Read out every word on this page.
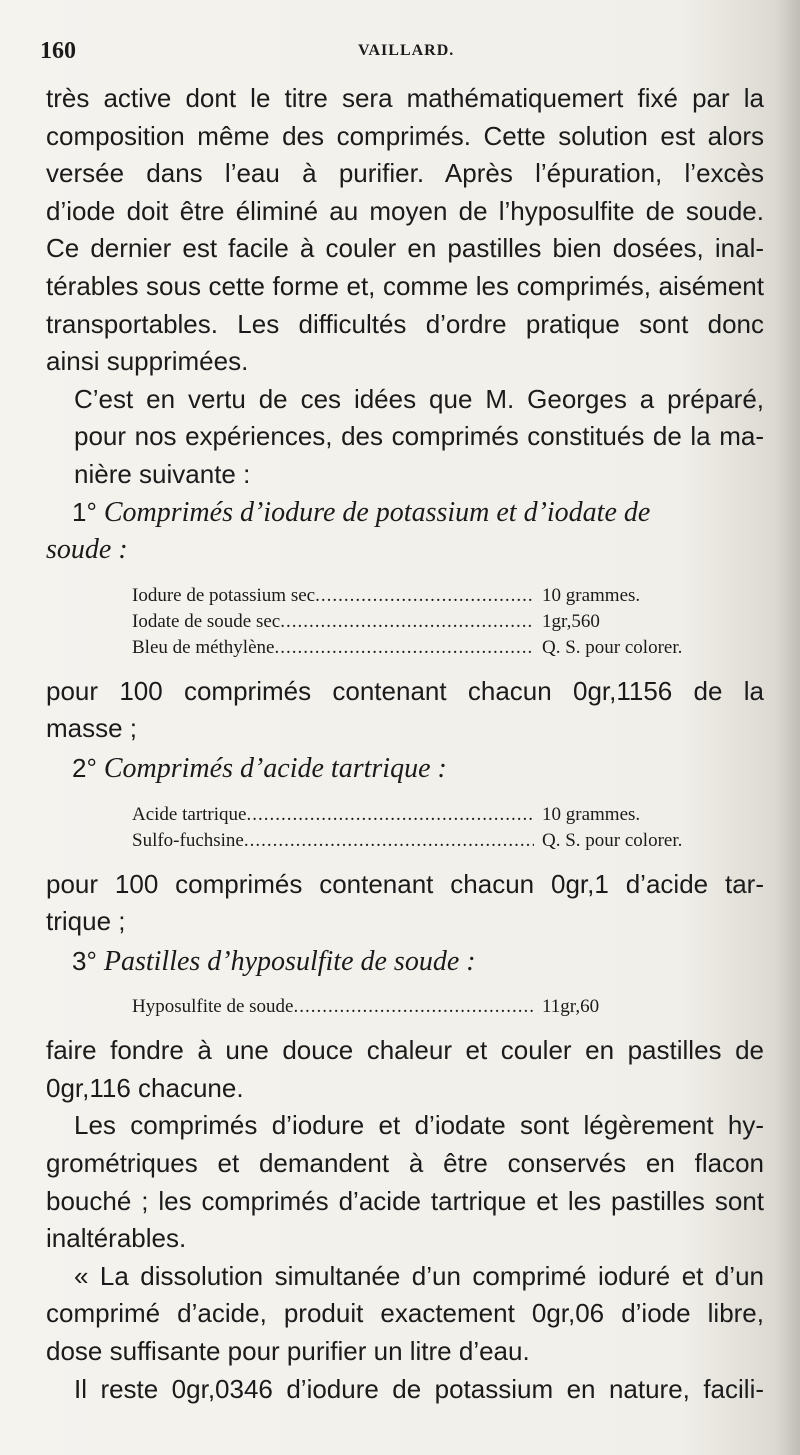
160	VAILLARD.
très active dont le titre sera mathématiquemert fixé par la
composition même des comprimés. Cette solution est alors
versée dans l’eau à purifier. Après l’épuration, l’excès
d’iode doit être éliminé au moyen de l’hyposulfite de soude.
Ce dernier est facile à couler en pastilles bien dosées, inal-
térables sous cette forme et, comme les comprimés, aisément
transportables. Les difficultés d’ordre pratique sont donc
ainsi supprimées.
C’est en vertu de ces idées que M. Georges a préparé,
pour nos expériences, des comprimés constitués de la ma-
nière suivante :
1° Comprimés d’iodure de potassium et d’iodate de
soude :
Iodure de potassium sec .....	10 grammes.
Iodate de soude sec .....	1gr,560
Bleu de méthylène .....	Q. S. pour colorer.
pour 100 comprimés contenant chacun 0gr,1156 de la
masse ;
2° Comprimés d’acide tartrique :
Acide tartrique .....	10 grammes.
Sulfo-fuchsine .....	Q. S. pour colorer.
pour 100 comprimés contenant chacun 0gr,1 d’acide tar-
trique ;
3° Pastilles d’hyposulfite de soude :
Hyposulfite de soude .....	11gr,60
faire fondre à une douce chaleur et couler en pastilles de
0gr,116 chacune.
Les comprimés d’iodure et d’iodate sont légèrement hy-
grométriques et demandent à être conservés en flacon
bouché ; les comprimés d’acide tartrique et les pastilles sont
inaltérables.
« La dissolution simultanée d’un comprimé ioduré et d’un
comprimé d’acide, produit exactement 0gr,06 d’iode libre,
dose suffisante pour purifier un litre d’eau.
Il reste 0gr,0346 d’iodure de potassium en nature, facili-
